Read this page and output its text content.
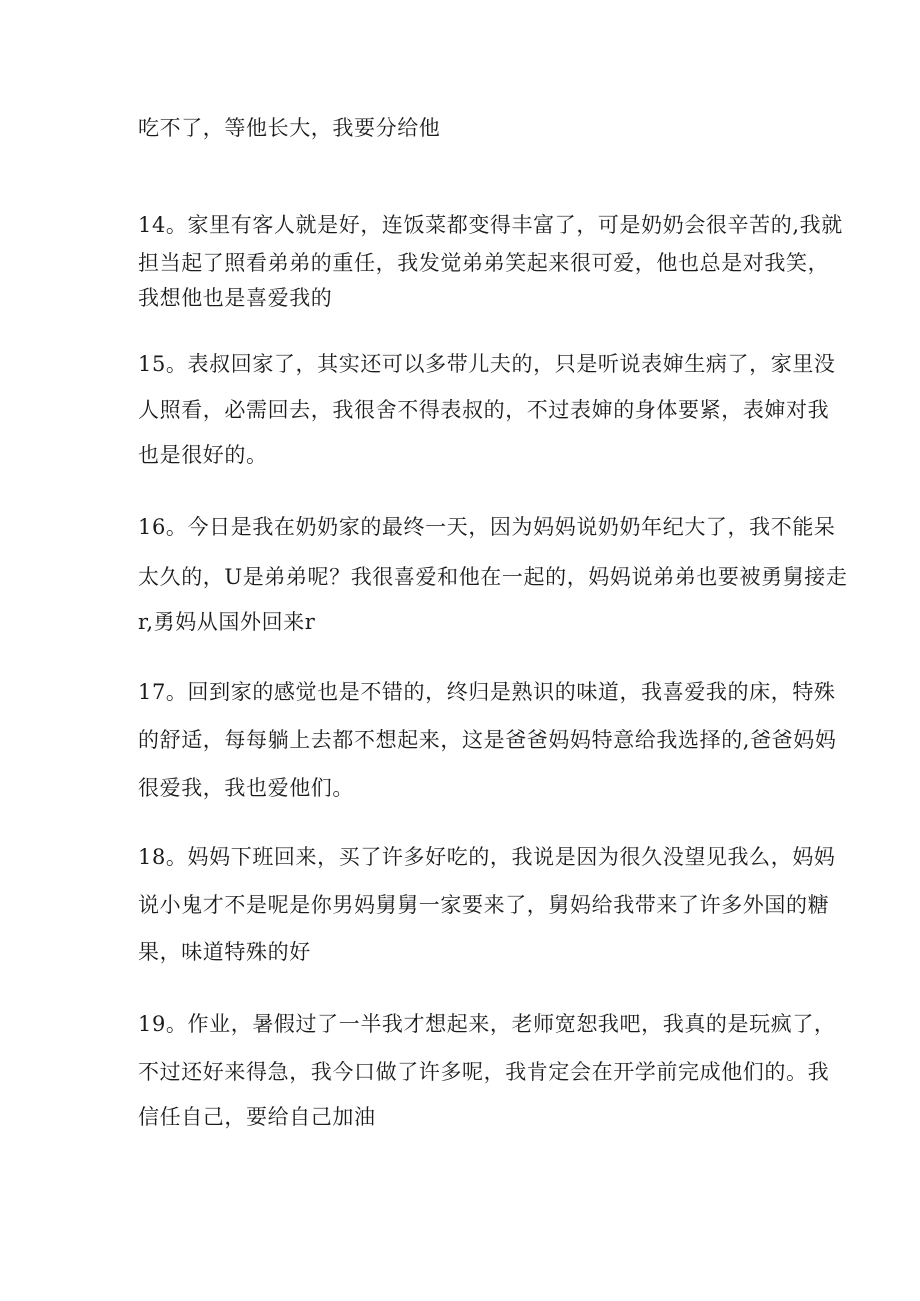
吃不了，等他长大，我要分给他
14。家里有客人就是好，连饭菜都变得丰富了，可是奶奶会很辛苦的,我就
担当起了照看弟弟的重任，我发觉弟弟笑起来很可爱，他也总是对我笑，
我想他也是喜爱我的
15。表叔回家了，其实还可以多带儿夫的，只是听说表婶生病了，家里没
人照看，必需回去，我很舍不得表叔的，不过表婶的身体要紧，表婶对我
也是很好的。
16。今日是我在奶奶家的最终一天，因为妈妈说奶奶年纪大了，我不能呆
太久的，U是弟弟呢？我很喜爱和他在一起的，妈妈说弟弟也要被勇舅接走
r,勇妈从国外回来r
17。回到家的感觉也是不错的，终归是熟识的味道，我喜爱我的床，特殊
的舒适，每每躺上去都不想起来，这是爸爸妈妈特意给我选择的,爸爸妈妈
很爱我，我也爱他们。
18。妈妈下班回来，买了许多好吃的，我说是因为很久没望见我么，妈妈
说小鬼才不是呢是你男妈舅舅一家要来了，舅妈给我带来了许多外国的糖
果，味道特殊的好
19。作业，暑假过了一半我才想起来，老师宽恕我吧，我真的是玩疯了，
不过还好来得急，我今口做了许多呢，我肯定会在开学前完成他们的。我
信任自己，要给自己加油
